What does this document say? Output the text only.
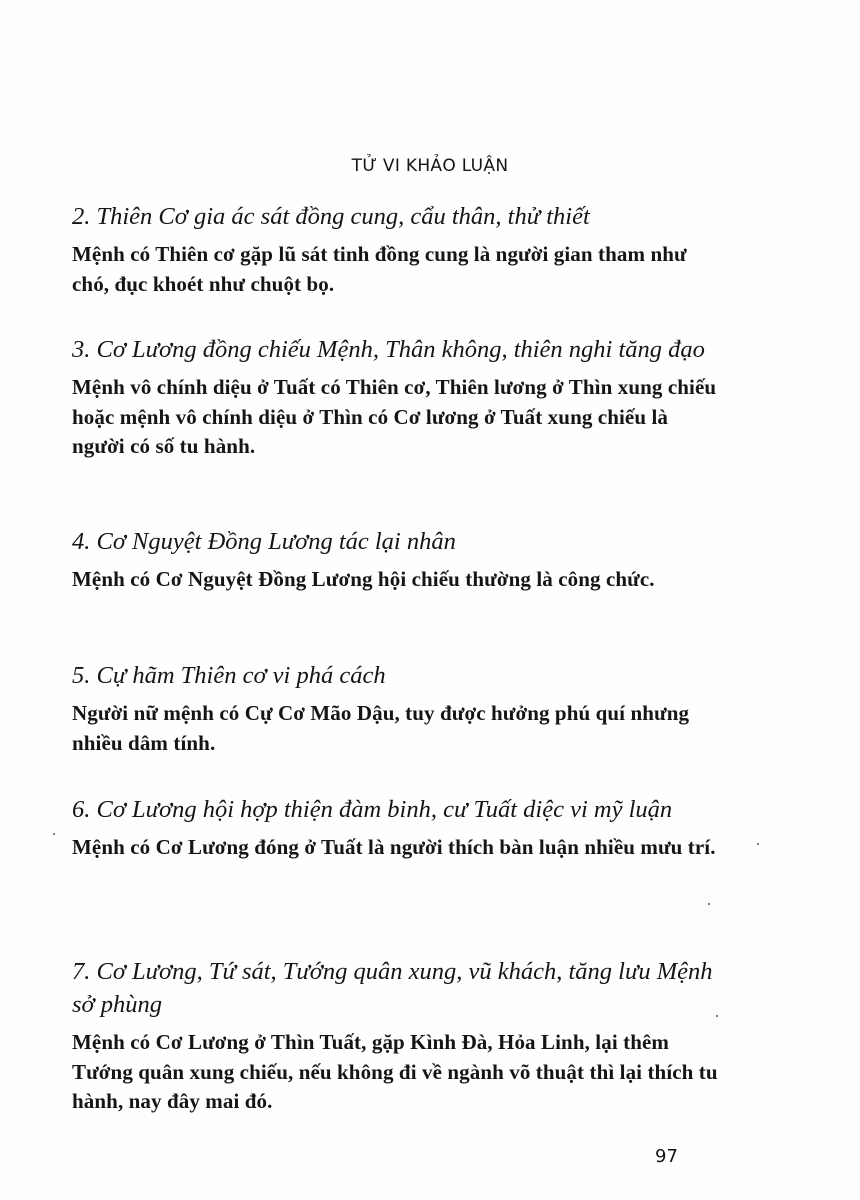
TỬ VI KHẢO LUẬN

2. Thiên Cơ gia ác sát đồng cung, cẩu thân, thử thiết

Mệnh có Thiên cơ gặp lũ sát tinh đồng cung là người gian tham như chó, đục khoét như chuột bọ.

3. Cơ Lương đồng chiếu Mệnh, Thân không, thiên nghi tăng đạo

Mệnh vô chính diệu ở Tuất có Thiên cơ, Thiên lương ở Thìn xung chiếu hoặc mệnh vô chính diệu ở Thìn có Cơ lương ở Tuất xung chiếu là người có số tu hành.

4. Cơ Nguyệt Đồng Lương tác lại nhân

Mệnh có Cơ Nguyệt Đồng Lương hội chiếu thường là công chức.

5. Cự hãm Thiên cơ vi phá cách

Người nữ mệnh có Cự Cơ Mão Dậu, tuy được hưởng phú quí nhưng nhiều dâm tính.

6. Cơ Lương hội hợp thiện đàm binh, cư Tuất diệc vi mỹ luận

Mệnh có Cơ Lương đóng ở Tuất là người thích bàn luận nhiều mưu trí.

7. Cơ Lương, Tứ sát, Tướng quân xung, vũ khách, tăng lưu Mệnh sở phùng

Mệnh có Cơ Lương ở Thìn Tuất, gặp Kình Đà, Hỏa Linh, lại thêm Tướng quân xung chiếu, nếu không đi về ngành võ thuật thì lại thích tu hành, nay đây mai đó.

97
